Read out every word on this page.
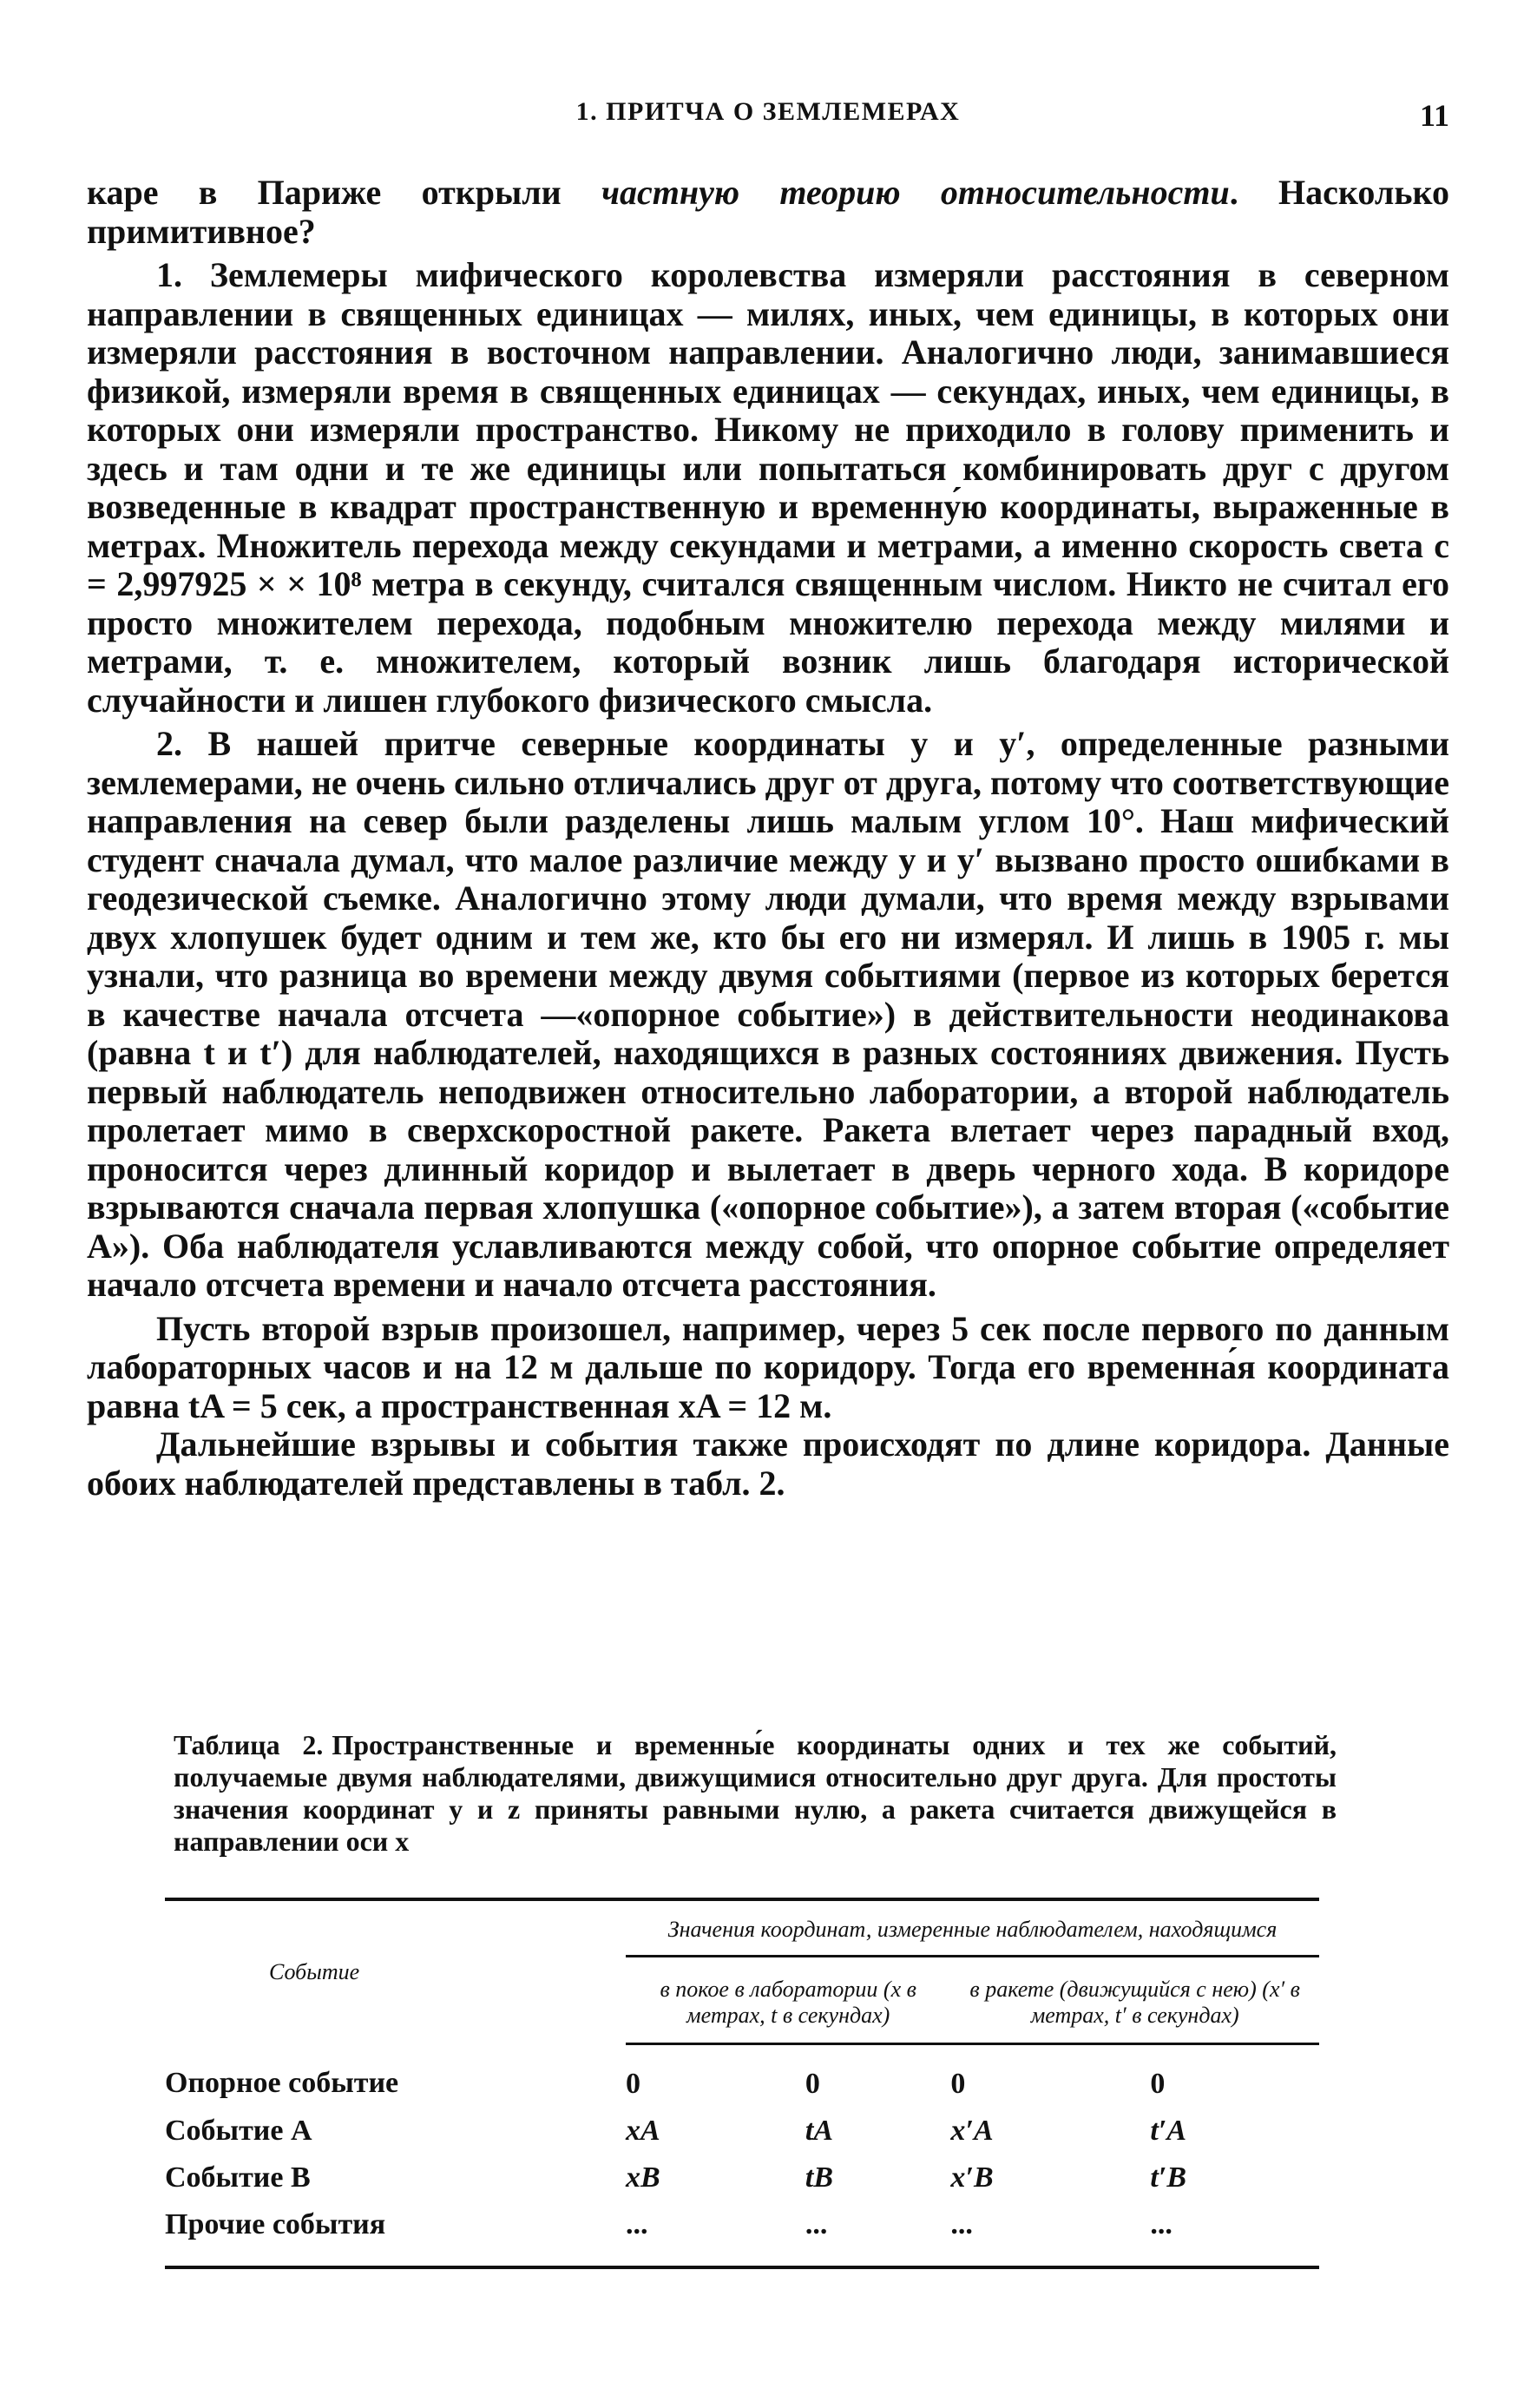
1. ПРИТЧА О ЗЕМЛЕМЕРАХ	11

каре в Париже открыли частную теорию относительности. Насколько примитивное?

1. Землемеры мифического королевства измеряли расстояния в северном направлении в священных единицах — милях, иных, чем единицы, в которых они измеряли расстояния в восточном направлении. Аналогично люди, занимавшиеся физикой, измеряли время в священных единицах — секундах, иных, чем единицы, в которых они измеряли пространство. Никому не приходило в голову применить и здесь и там одни и те же единицы или попытаться комбинировать друг с другом возведенные в квадрат пространственную и временну́ю координаты, выраженные в метрах. Множитель перехода между секундами и метрами, а именно скорость света c = 2,997925 × × 10⁸ метра в секунду, считался священным числом. Никто не считал его просто множителем перехода, подобным множителю перехода между милями и метрами, т. е. множителем, который возник лишь благодаря исторической случайности и лишен глубокого физического смысла.

2. В нашей притче северные координаты y и y′, определенные разными землемерами, не очень сильно отличались друг от друга, потому что соответствующие направления на север были разделены лишь малым углом 10°. Наш мифический студент сначала думал, что малое различие между y и y′ вызвано просто ошибками в геодезической съемке. Аналогично этому люди думали, что время между взрывами двух хлопушек будет одним и тем же, кто бы его ни измерял. И лишь в 1905 г. мы узнали, что разница во времени между двумя событиями (первое из которых берется в качестве начала отсчета —«опорное событие») в действительности неодинакова (равна t и t′) для наблюдателей, находящихся в разных состояниях движения. Пусть первый наблюдатель неподвижен относительно лаборатории, а второй наблюдатель пролетает мимо в сверхскоростной ракете. Ракета влетает через парадный вход, проносится через длинный коридор и вылетает в дверь черного хода. В коридоре взрываются сначала первая хлопушка («опорное событие»), а затем вторая («событие A»). Оба наблюдателя уславливаются между собой, что опорное событие определяет начало отсчета времени и начало отсчета расстояния.

Пусть второй взрыв произошел, например, через 5 сек после первого по данным лабораторных часов и на 12 м дальше по коридору. Тогда его временна́я координата равна tA = 5 сек, а пространственная xA = 12 м.

Дальнейшие взрывы и события также происходят по длине коридора. Данные обоих наблюдателей представлены в табл. 2.

Таблица 2. Пространственные и временны́е координаты одних и тех же событий, получаемые двумя наблюдателями, движущимися относительно друг друга. Для простоты значения координат y и z приняты равными нулю, а ракета считается движущейся в направлении оси x
Событие	Значения координат, измеренные наблюдателем, находящимся			
	в покое в лаборатории (x в метрах, t в секундах)		в ракете (движущийся с нею) (x′ в метрах, t′ в секундах)	
Опорное событие	0	0	0	0
Событие A	xA	tA	x′A	t′A
Событие B	xB	tB	x′B	t′B
Прочие события	...	...	...	...
